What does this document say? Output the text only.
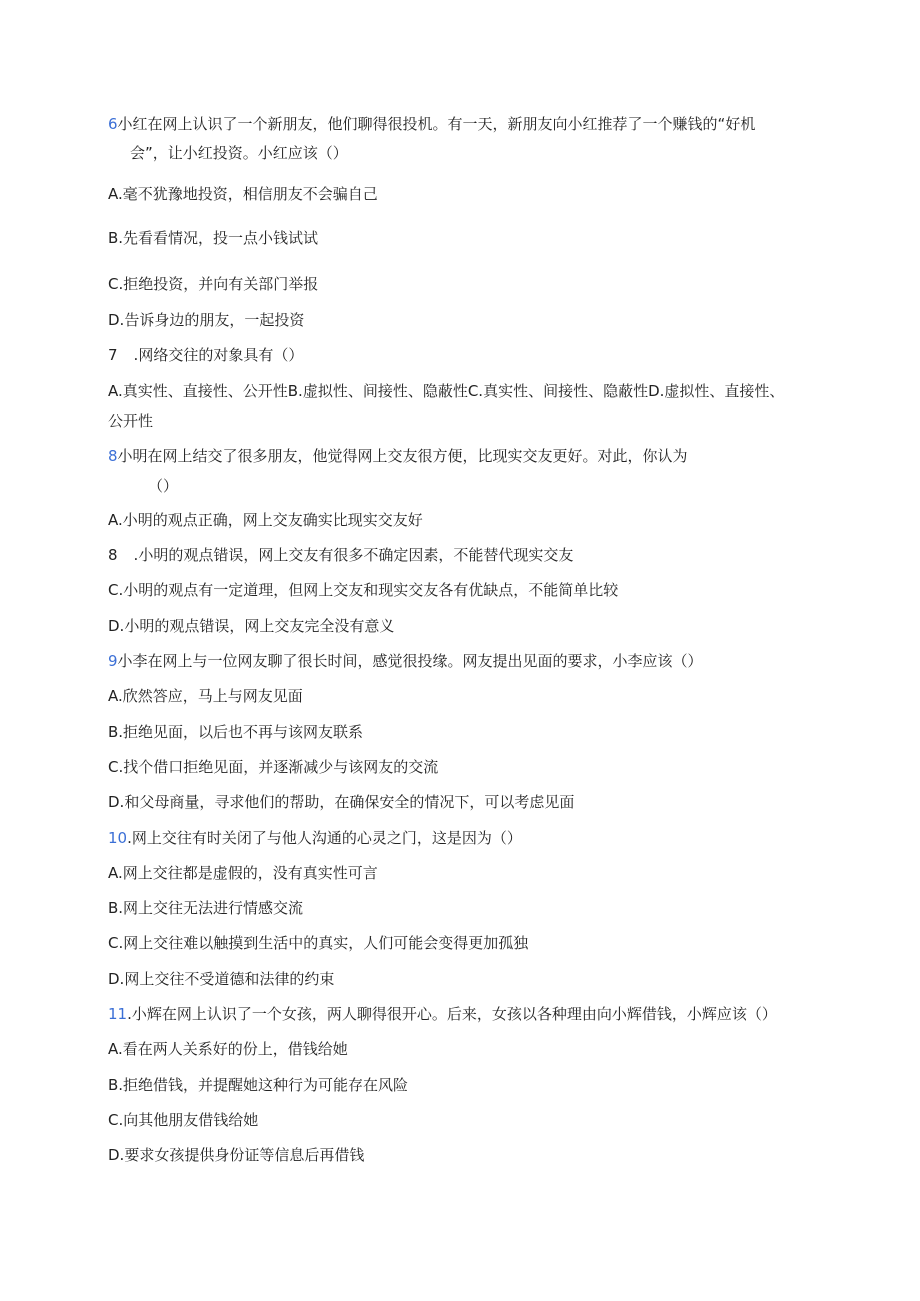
6小红在网上认识了一个新朋友，他们聊得很投机。有一天，新朋友向小红推荐了一个赚钱的“好机
会”，让小红投资。小红应该（）
A.毫不犹豫地投资，相信朋友不会骗自己
B.先看看情况，投一点小钱试试
C.拒绝投资，并向有关部门举报
D.告诉身边的朋友，一起投资
7 .网络交往的对象具有（）
A.真实性、直接性、公开性B.虚拟性、间接性、隐蔽性C.真实性、间接性、隐蔽性D.虚拟性、直接性、
公开性
8小明在网上结交了很多朋友，他觉得网上交友很方便，比现实交友更好。对此，你认为
（）
A.小明的观点正确，网上交友确实比现实交友好
8 .小明的观点错误，网上交友有很多不确定因素，不能替代现实交友
C.小明的观点有一定道理，但网上交友和现实交友各有优缺点，不能简单比较
D.小明的观点错误，网上交友完全没有意义
9小李在网上与一位网友聊了很长时间，感觉很投缘。网友提出见面的要求，小李应该（）
A.欣然答应，马上与网友见面
B.拒绝见面，以后也不再与该网友联系
C.找个借口拒绝见面，并逐渐减少与该网友的交流
D.和父母商量，寻求他们的帮助，在确保安全的情况下，可以考虑见面
10.网上交往有时关闭了与他人沟通的心灵之门，这是因为（）
A.网上交往都是虚假的，没有真实性可言
B.网上交往无法进行情感交流
C.网上交往难以触摸到生活中的真实，人们可能会变得更加孤独
D.网上交往不受道德和法律的约束
11.小辉在网上认识了一个女孩，两人聊得很开心。后来，女孩以各种理由向小辉借钱，小辉应该（）
A.看在两人关系好的份上，借钱给她
B.拒绝借钱，并提醒她这种行为可能存在风险
C.向其他朋友借钱给她
D.要求女孩提供身份证等信息后再借钱
